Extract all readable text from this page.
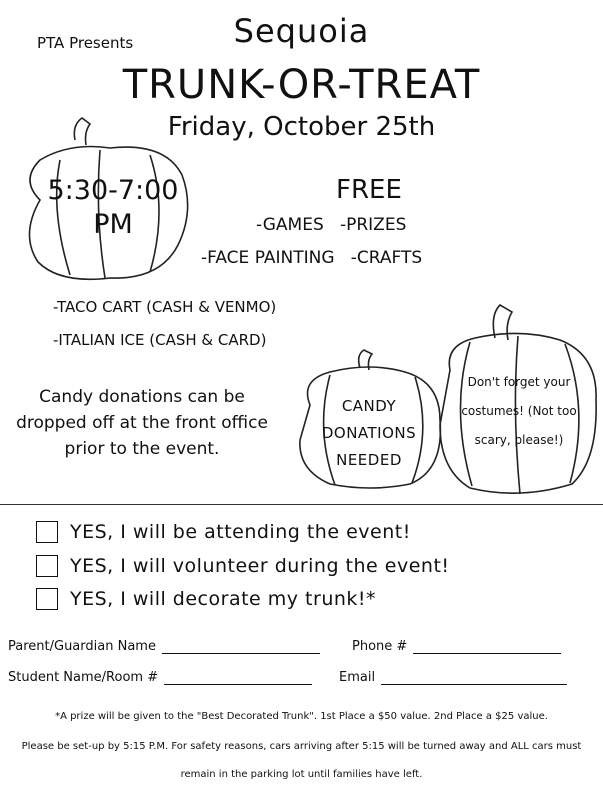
PTA Presents	Sequoia
TRUNK-OR-TREAT
Friday, October 25th
5:30-7:00 PM
FREE
-GAMES   -PRIZES
-FACE PAINTING   -CRAFTS
-TACO CART (CASH & VENMO)
-ITALIAN ICE (CASH & CARD)
Candy donations can be dropped off at the front office prior to the event.
CANDY DONATIONS NEEDED
Don't forget your costumes! (Not too scary, please!)
YES, I will be attending the event!
YES, I will volunteer during the event!
YES, I will decorate my trunk!*
Parent/Guardian Name	Phone #
Student Name/Room #	Email
*A prize will be given to the "Best Decorated Trunk". 1st Place a $50 value. 2nd Place a $25 value.
Please be set-up by 5:15 P.M. For safety reasons, cars arriving after 5:15 will be turned away and ALL cars must
remain in the parking lot until families have left.
